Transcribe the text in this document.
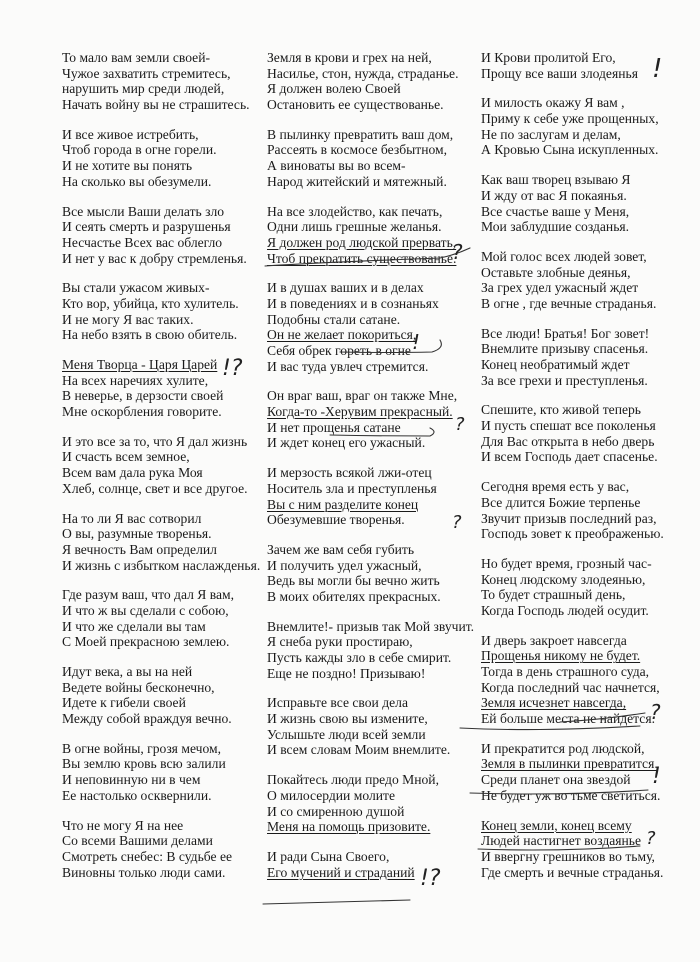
То мало вам земли своей-
Чужое захватить стремитесь,
нарушить мир среди людей,
Начать войну вы не страшитесь.
И все живое истребить,
Чтоб города в огне горели.
И не хотите вы понять
На сколько вы обезумели.
Все мысли Ваши делать зло
И сеять смерть и разрушенья
Несчастье Всех вас облегло
И нет у вас к добру стремленья.
Вы стали ужасом живых-
Кто вор, убийца, кто хулитель.
И не могу Я вас таких.
На небо взять в свою обитель.
Меня Творца - Царя Царей
На всех наречиях хулите,
В неверье, в дерзости своей
Мне оскорбления говорите.
И это все за то, что Я дал жизнь
И счасть всем земное,
Всем вам дала рука Моя
Хлеб, солнце, свет и все другое.
На то ли Я вас сотворил
О вы, разумные творенья.
Я вечность Вам определил
И жизнь с избытком наслажденья.
Где разум ваш, что дал Я вам,
И что ж вы сделали с собою,
И что же сделали вы там
С Моей прекрасною землею.
Идут века, а вы на ней
Ведете войны бесконечно,
Идете к гибели своей
Между собой враждуя вечно.
В огне войны, грозя мечом,
Вы землю кровь всю залили
И неповинную ни в чем
Ее настолько осквернили.
Что не могу Я на нее
Со всеми Вашими делами
Смотреть снебес: В судьбе ее
Виновны только люди сами.
Земля в крови и грех на ней,
Насилье, стон, нужда, страданье.
Я должен волею Своей
Остановить ее существованье.
В пылинку превратить ваш дом,
Рассеять в космосе безбытном,
А виноваты вы во всем-
Народ житейский и мятежный.
На все злодейство, как печать,
Одни лишь грешные желанья.
Я должен род людской прервать,
Чтоб прекратить существованье.
И в душах ваших и в делах
И в поведениях и в сознаньях
Подобны стали сатане.
Он не желает покориться,
Себя обрек гореть в огне
И вас туда увлеч стремится.
Он враг ваш, враг он также Мне,
Когда-то -Херувим прекрасный.
И нет прощенья сатане
И ждет конец его ужасный.
И мерзость всякой лжи-отец
Носитель зла и преступленья
Вы с ним разделите конец
Обезумевшие творенья.
Зачем же вам себя губить
И получить удел ужасный,
Ведь вы могли бы вечно жить
В моих обителях прекрасных.
Внемлите!- призыв так Мой звучит.
Я снеба руки простираю,
Пусть кажды зло в себе смирит.
Еще не поздно! Призываю!
Исправьте все свои дела
И жизнь свою вы измените,
Услышьте люди всей земли
И всем словам Моим внемлите.
Покайтесь люди предо Мной,
О милосердии молите
И со смиренною душой
Меня на помощь призовите.
И ради Сына Своего,
Его мучений и страданий
И Крови пролитой Его,
Прощу все ваши злодеянья
И милость окажу Я вам ,
Приму к себе уже прощенных,
Не по заслугам и делам,
А Кровью Сына искупленных.
Как ваш творец взываю Я
И жду от вас Я покаянья.
Все счастье ваше у Меня,
Мои заблудшие созданья.
Мой голос всех людей зовет,
Оставьте злобные деянья,
За грех удел ужасный ждет
В огне , где вечные страданья.
Все люди! Братья! Бог зовет!
Внемлите призыву спасенья.
Конец необратимый ждет
За все грехи и преступленья.
Спешите, кто живой теперь
И пусть спешат все поколенья
Для Вас открыта в небо дверь
И всем Господь дает спасенье.
Сегодня время есть у вас,
Все длится Божие терпенье
Звучит призыв последний раз,
Господь зовет к преображенью.
Но будет время, грозный час-
Конец людскому злодеянью,
То будет страшный день,
Когда Господь людей осудит.
И дверь закроет навсегда
Прощенья никому не будет.
Тогда в день страшного суда,
Когда последний час начнется,
Земля исчезнет навсегда,
Ей больше места не найдется.
И прекратится род людской,
Земля в пылинки превратится.
Среди планет она звездой
Не будет уж во тьме светиться.
Конец земли, конец всему
Людей настигнет воздаянье
И ввергну грешников во тьму,
Где смерть и вечные страданья.
!?
?
!
?
?
!?
!
?
!
?
